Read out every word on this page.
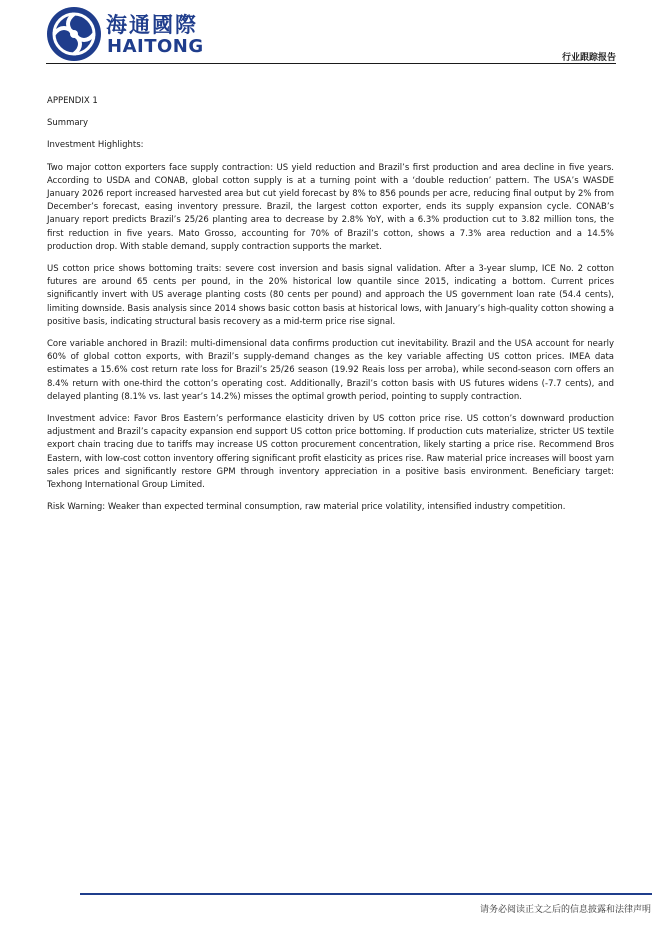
海通國際
HAITONG
行业跟踪报告

APPENDIX 1

Summary

Investment Highlights:

Two major cotton exporters face supply contraction: US yield reduction and Brazil’s first production and area decline in five years. According to USDA and CONAB, global cotton supply is at a turning point with a ‘double reduction’ pattern. The USA’s WASDE January 2026 report increased harvested area but cut yield forecast by 8% to 856 pounds per acre, reducing final output by 2% from December’s forecast, easing inventory pressure. Brazil, the largest cotton exporter, ends its supply expansion cycle. CONAB’s January report predicts Brazil’s 25/26 planting area to decrease by 2.8% YoY, with a 6.3% production cut to 3.82 million tons, the first reduction in five years. Mato Grosso, accounting for 70% of Brazil’s cotton, shows a 7.3% area reduction and a 14.5% production drop. With stable demand, supply contraction supports the market.

US cotton price shows bottoming traits: severe cost inversion and basis signal validation. After a 3-year slump, ICE No. 2 cotton futures are around 65 cents per pound, in the 20% historical low quantile since 2015, indicating a bottom. Current prices significantly invert with US average planting costs (80 cents per pound) and approach the US government loan rate (54.4 cents), limiting downside. Basis analysis since 2014 shows basic cotton basis at historical lows, with January’s high-quality cotton showing a positive basis, indicating structural basis recovery as a mid-term price rise signal.

Core variable anchored in Brazil: multi-dimensional data confirms production cut inevitability. Brazil and the USA account for nearly 60% of global cotton exports, with Brazil’s supply-demand changes as the key variable affecting US cotton prices. IMEA data estimates a 15.6% cost return rate loss for Brazil’s 25/26 season (19.92 Reais loss per arroba), while second-season corn offers an 8.4% return with one-third the cotton’s operating cost. Additionally, Brazil’s cotton basis with US futures widens (-7.7 cents), and delayed planting (8.1% vs. last year’s 14.2%) misses the optimal growth period, pointing to supply contraction.

Investment advice: Favor Bros Eastern’s performance elasticity driven by US cotton price rise. US cotton’s downward production adjustment and Brazil’s capacity expansion end support US cotton price bottoming. If production cuts materialize, stricter US textile export chain tracing due to tariffs may increase US cotton procurement concentration, likely starting a price rise. Recommend Bros Eastern, with low-cost cotton inventory offering significant profit elasticity as prices rise. Raw material price increases will boost yarn sales prices and significantly restore GPM through inventory appreciation in a positive basis environment. Beneficiary target: Texhong International Group Limited.

Risk Warning: Weaker than expected terminal consumption, raw material price volatility, intensified industry competition.

请务必阅读正文之后的信息披露和法律声明
